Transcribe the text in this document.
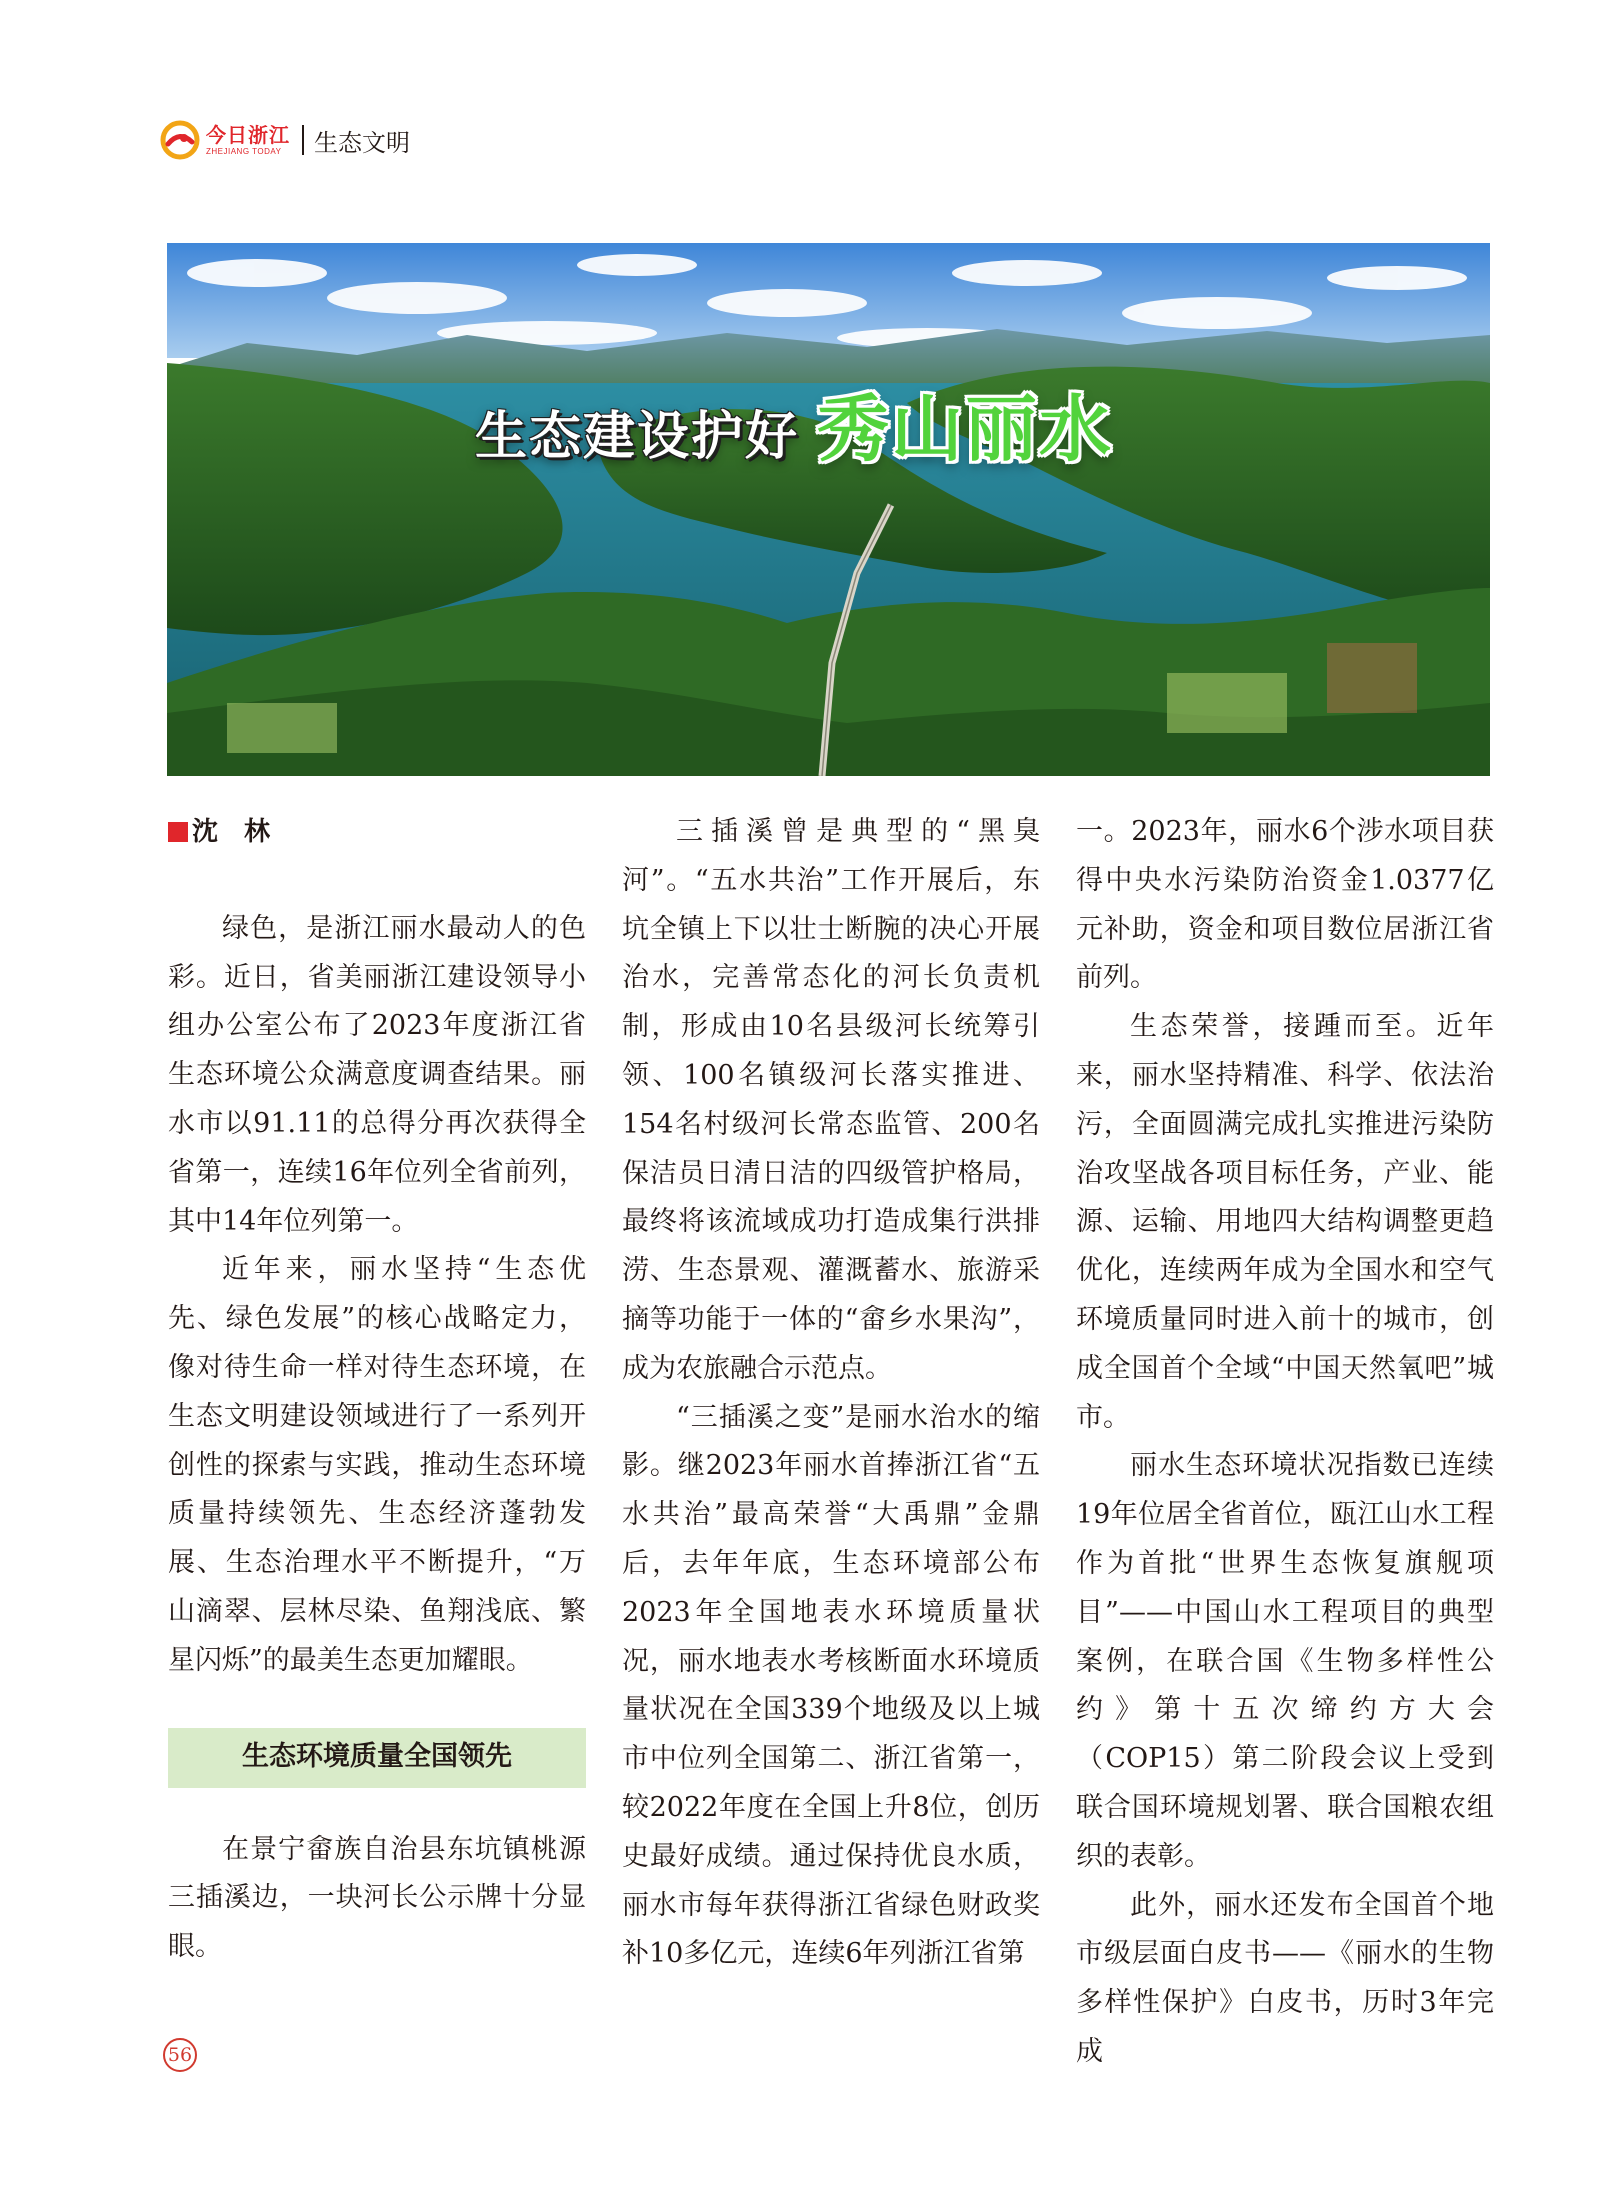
今日浙江
ZHEJIANG TODAY	生态文明
生态建设护好 秀山丽水
沈林

绿色，是浙江丽水最动人的色彩。近日，省美丽浙江建设领导小组办公室公布了2023年度浙江省生态环境公众满意度调查结果。丽水市以91.11的总得分再次获得全省第一，连续16年位列全省前列，其中14年位列第一。

近年来，丽水坚持“生态优先、绿色发展”的核心战略定力，像对待生命一样对待生态环境，在生态文明建设领域进行了一系列开创性的探索与实践，推动生态环境质量持续领先、生态经济蓬勃发展、生态治理水平不断提升，“万山滴翠、层林尽染、鱼翔浅底、繁星闪烁”的最美生态更加耀眼。

生态环境质量全国领先

在景宁畲族自治县东坑镇桃源三插溪边，一块河长公示牌十分显眼。

三插溪曾是典型的“黑臭河”。“五水共治”工作开展后，东坑全镇上下以壮士断腕的决心开展治水，完善常态化的河长负责机制，形成由10名县级河长统筹引领、100名镇级河长落实推进、154名村级河长常态监管、200名保洁员日清日洁的四级管护格局，最终将该流域成功打造成集行洪排涝、生态景观、灌溉蓄水、旅游采摘等功能于一体的“畲乡水果沟”，成为农旅融合示范点。

“三插溪之变”是丽水治水的缩影。继2023年丽水首捧浙江省“五水共治”最高荣誉“大禹鼎”金鼎后，去年年底，生态环境部公布2023年全国地表水环境质量状况，丽水地表水考核断面水环境质量状况在全国339个地级及以上城市中位列全国第二、浙江省第一，较2022年度在全国上升8位，创历史最好成绩。通过保持优良水质，丽水市每年获得浙江省绿色财政奖补10多亿元，连续6年列浙江省第

一。2023年，丽水6个涉水项目获得中央水污染防治资金1.0377亿元补助，资金和项目数位居浙江省前列。

生态荣誉，接踵而至。近年来，丽水坚持精准、科学、依法治污，全面圆满完成扎实推进污染防治攻坚战各项目标任务，产业、能源、运输、用地四大结构调整更趋优化，连续两年成为全国水和空气环境质量同时进入前十的城市，创成全国首个全域“中国天然氧吧”城市。

丽水生态环境状况指数已连续19年位居全省首位，瓯江山水工程作为首批“世界生态恢复旗舰项目”——中国山水工程项目的典型案例，在联合国《生物多样性公约》第十五次缔约方大会（COP15）第二阶段会议上受到联合国环境规划署、联合国粮农组织的表彰。

此外，丽水还发布全国首个地市级层面白皮书——《丽水的生物多样性保护》白皮书，历时3年完成

56
